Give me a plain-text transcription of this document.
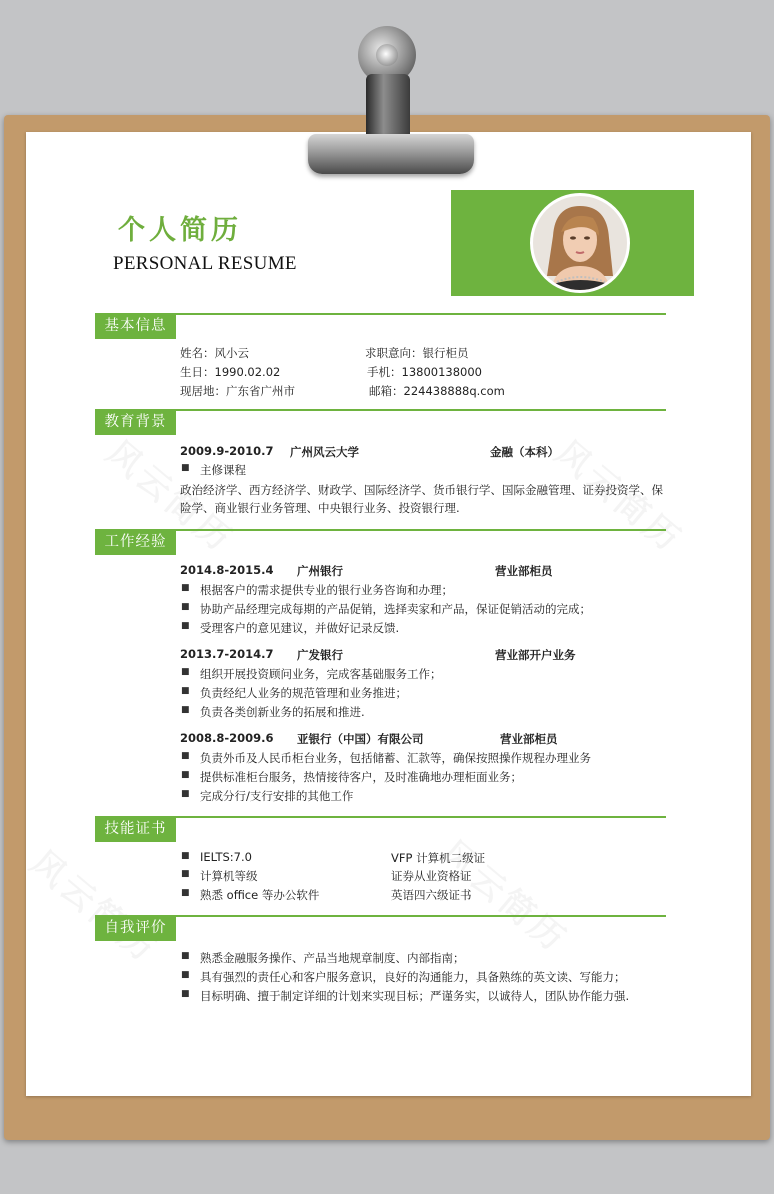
个人简历
PERSONAL RESUME
基本信息
姓名：风小云	求职意向：银行柜员
生日：1990.02.02	手机：13800138000
现居地：广东省广州市	邮箱：224438888q.com
教育背景
2009.9-2010.7 广州风云大学	金融（本科）
■ 主修课程
政治经济学、西方经济学、财政学、国际经济学、货币银行学、国际金融管理、证券投资学、保
险学、商业银行业务管理、中央银行业务、投资银行理.
工作经验
2014.8-2015.4 广州银行	营业部柜员
■ 根据客户的需求提供专业的银行业务咨询和办理；
■ 协助产品经理完成每期的产品促销，选择卖家和产品，保证促销活动的完成；
■ 受理客户的意见建议，并做好记录反馈.
2013.7-2014.7 广发银行	营业部开户业务
■ 组织开展投资顾问业务，完成客基础服务工作；
■ 负责经纪人业务的规范管理和业务推进；
■ 负责各类创新业务的拓展和推进.
2008.8-2009.6 亚银行（中国）有限公司	营业部柜员
■ 负责外币及人民币柜台业务，包括储蓄、汇款等，确保按照操作规程办理业务
■ 提供标准柜台服务，热情接待客户，及时准确地办理柜面业务；
■ 完成分行/支行安排的其他工作
技能证书
■ IELTS:7.0	VFP 计算机二级证
■ 计算机等级	证券从业资格证
■ 熟悉 office 等办公软件	英语四六级证书
自我评价
■ 熟悉金融服务操作、产品当地规章制度、内部指南；
■ 具有强烈的责任心和客户服务意识，良好的沟通能力，具备熟练的英文读、写能力；
■ 目标明确、擅于制定详细的计划来实现目标；严谨务实，以诚待人，团队协作能力强.
